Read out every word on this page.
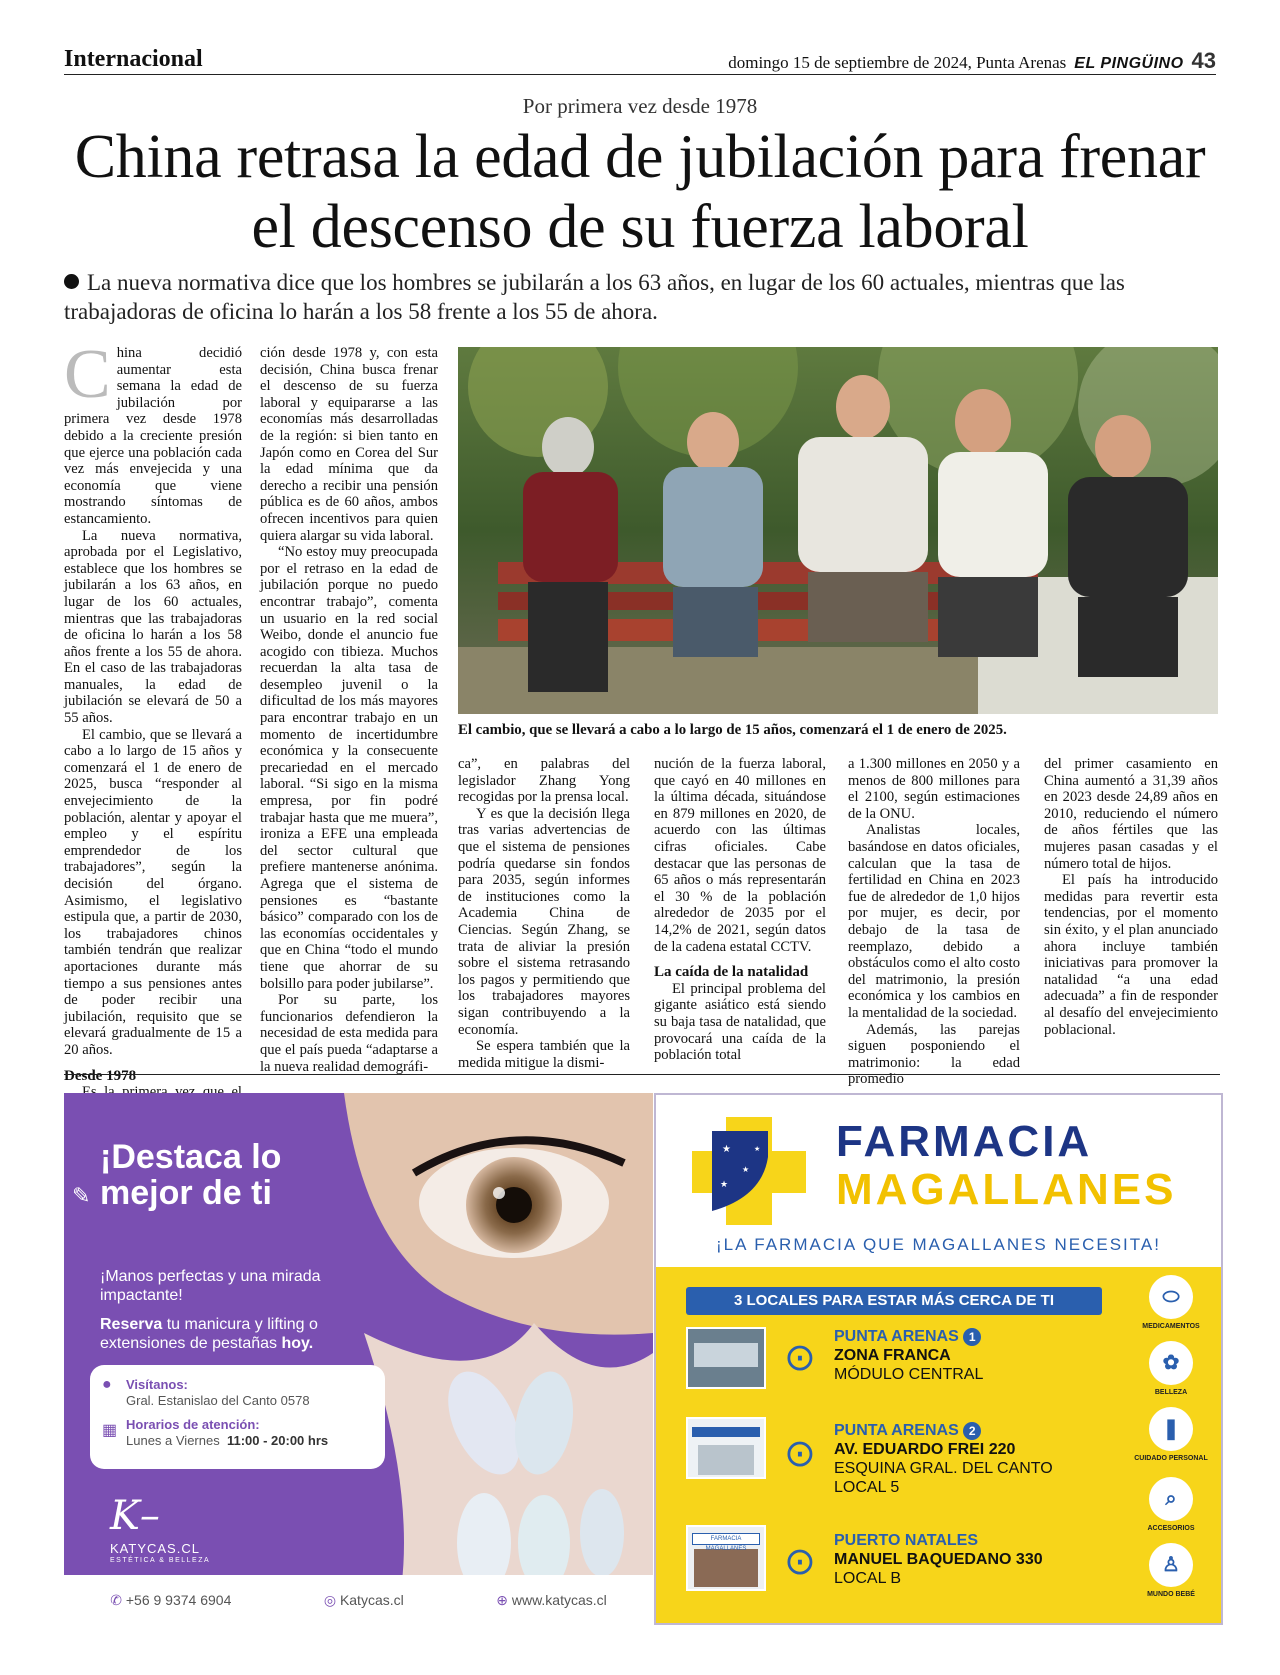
Internacional	domingo 15 de septiembre de 2024, Punta Arenas EL PINGÜINO 43
Por primera vez desde 1978
China retrasa la edad de jubilación para frenar el descenso de su fuerza laboral
La nueva normativa dice que los hombres se jubilarán a los 63 años, en lugar de los 60 actuales, mientras que las trabajadoras de oficina lo harán a los 58 frente a los 55 de ahora.

China decidió aumentar esta semana la edad de jubilación por primera vez desde 1978 debido a la creciente presión que ejerce una población cada vez más envejecida y una economía que viene mostrando síntomas de estancamiento.

La nueva normativa, aprobada por el Legislativo, establece que los hombres se jubilarán a los 63 años, en lugar de los 60 actuales, mientras que las trabajadoras de oficina lo harán a los 58 años frente a los 55 de ahora. En el caso de las trabajadoras manuales, la edad de jubilación se elevará de 50 a 55 años.

El cambio, que se llevará a cabo a lo largo de 15 años y comenzará el 1 de enero de 2025, busca “responder al envejecimiento de la población, alentar y apoyar el empleo y el espíritu emprendedor de los trabajadores”, según la decisión del órgano. Asimismo, el legislativo estipula que, a partir de 2030, los trabajadores chinos también tendrán que realizar aportaciones durante más tiempo a sus pensiones antes de poder recibir una jubilación, requisito que se elevará gradualmente de 15 a 20 años.

Desde 1978

ción desde 1978 y, con esta decisión, China busca frenar el descenso de su fuerza laboral y equipararse a las economías más desarrolladas de la región: si bien tanto en Japón como en Corea del Sur la edad mínima que da derecho a recibir una pensión pública es de 60 años, ambos ofrecen incentivos para quien quiera alargar su vida laboral.

“No estoy muy preocupada por el retraso en la edad de jubilación porque no puedo encontrar trabajo”, comenta un usuario en la red social Weibo, donde el anuncio fue acogido con tibieza. Muchos recuerdan la alta tasa de desempleo juvenil o la dificultad de los más mayores para encontrar trabajo en un momento de incertidumbre económica y la consecuente precariedad en el mercado laboral. “Si sigo en la misma empresa, por fin podré trabajar hasta que me muera”, ironiza a EFE una empleada del sector cultural que prefiere mantenerse anónima. Agrega que el sistema de pensiones es “bastante básico” comparado con los de las economías occidentales y que en China “todo el mundo tiene que ahorrar de su bolsillo para poder jubilarse”.

Por su parte, los funcionarios defendieron la necesidad de esta medida para que el país pueda “adaptarse a la nueva realidad demográfi-

El cambio, que se llevará a cabo a lo largo de 15 años, comenzará el 1 de enero de 2025.

ca”, en palabras del legislador Zhang Yong recogidas por la prensa local.

Y es que la decisión llega tras varias advertencias de que el sistema de pensiones podría quedarse sin fondos para 2035, según informes de instituciones como la Academia China de Ciencias. Según Zhang, se trata de aliviar la presión sobre el sistema retrasando los pagos y permitiendo que los trabajadores mayores sigan contribuyendo a la economía.

Se espera también que la medida mitigue la dismi-

nución de la fuerza laboral, que cayó en 40 millones en la última década, situándose en 879 millones en 2020, de acuerdo con las últimas cifras oficiales. Cabe destacar que las personas de 65 años o más representarán el 30 % de la población alrededor de 2035 por el 14,2% de 2021, según datos de la cadena estatal CCTV.

La caída de la natalidad

El principal problema del gigante asiático está siendo su baja tasa de natalidad, que provocará una caída de la población total

a 1.300 millones en 2050 y a menos de 800 millones para el 2100, según estimaciones de la ONU.

Analistas locales, basándose en datos oficiales, calculan que la tasa de fertilidad en China en 2023 fue de alrededor de 1,0 hijos por mujer, es decir, por debajo de la tasa de reemplazo, debido a obstáculos como el alto costo del matrimonio, la presión económica y los cambios en la mentalidad de la sociedad.

Además, las parejas siguen posponiendo el matrimonio: la edad promedio

del primer casamiento en China aumentó a 31,39 años en 2023 desde 24,89 años en 2010, reduciendo el número de años fértiles que las mujeres pasan casadas y el número total de hijos.

El país ha introducido medidas para revertir esta tendencias, por el momento sin éxito, y el plan anunciado ahora incluye también iniciativas para promover la natalidad “a una edad adecuada” a fin de responder al desafío del envejecimiento poblacional.

¡Destaca lo
mejor de ti
✎
¡Manos perfectas y una mirada impactante!
Reserva tu manicura y lifting o extensiones de pestañas hoy.
● Visítanos:
Gral. Estanislao del Canto 0578
▦ Horarios de atención:
Lunes a Viernes 11:00 - 20:00 hrs
K–
KATYCAS.CL
ESTÉTICA & BELLEZA
✆ +56 9 9374 6904	◎ Katycas.cl	⊕ www.katycas.cl
★
★
★
★ FARMACIA
MAGALLANES
¡LA FARMACIA QUE MAGALLANES NECESITA!
3 LOCALES PARA ESTAR MÁS CERCA DE TI
⊙
PUNTA ARENAS 1
ZONA FRANCA
MÓDULO CENTRAL
⊙
PUNTA ARENAS 2
AV. EDUARDO FREI 220
ESQUINA GRAL. DEL CANTO
LOCAL 5
FARMACIA MAGALLANES ⊙
PUERTO NATALES
MANUEL BAQUEDANO 330
LOCAL B
⬭
MEDICAMENTOS
✿
BELLEZA
❚
CUIDADO PERSONAL
⌕
ACCESORIOS
♙
MUNDO BEBÉ
